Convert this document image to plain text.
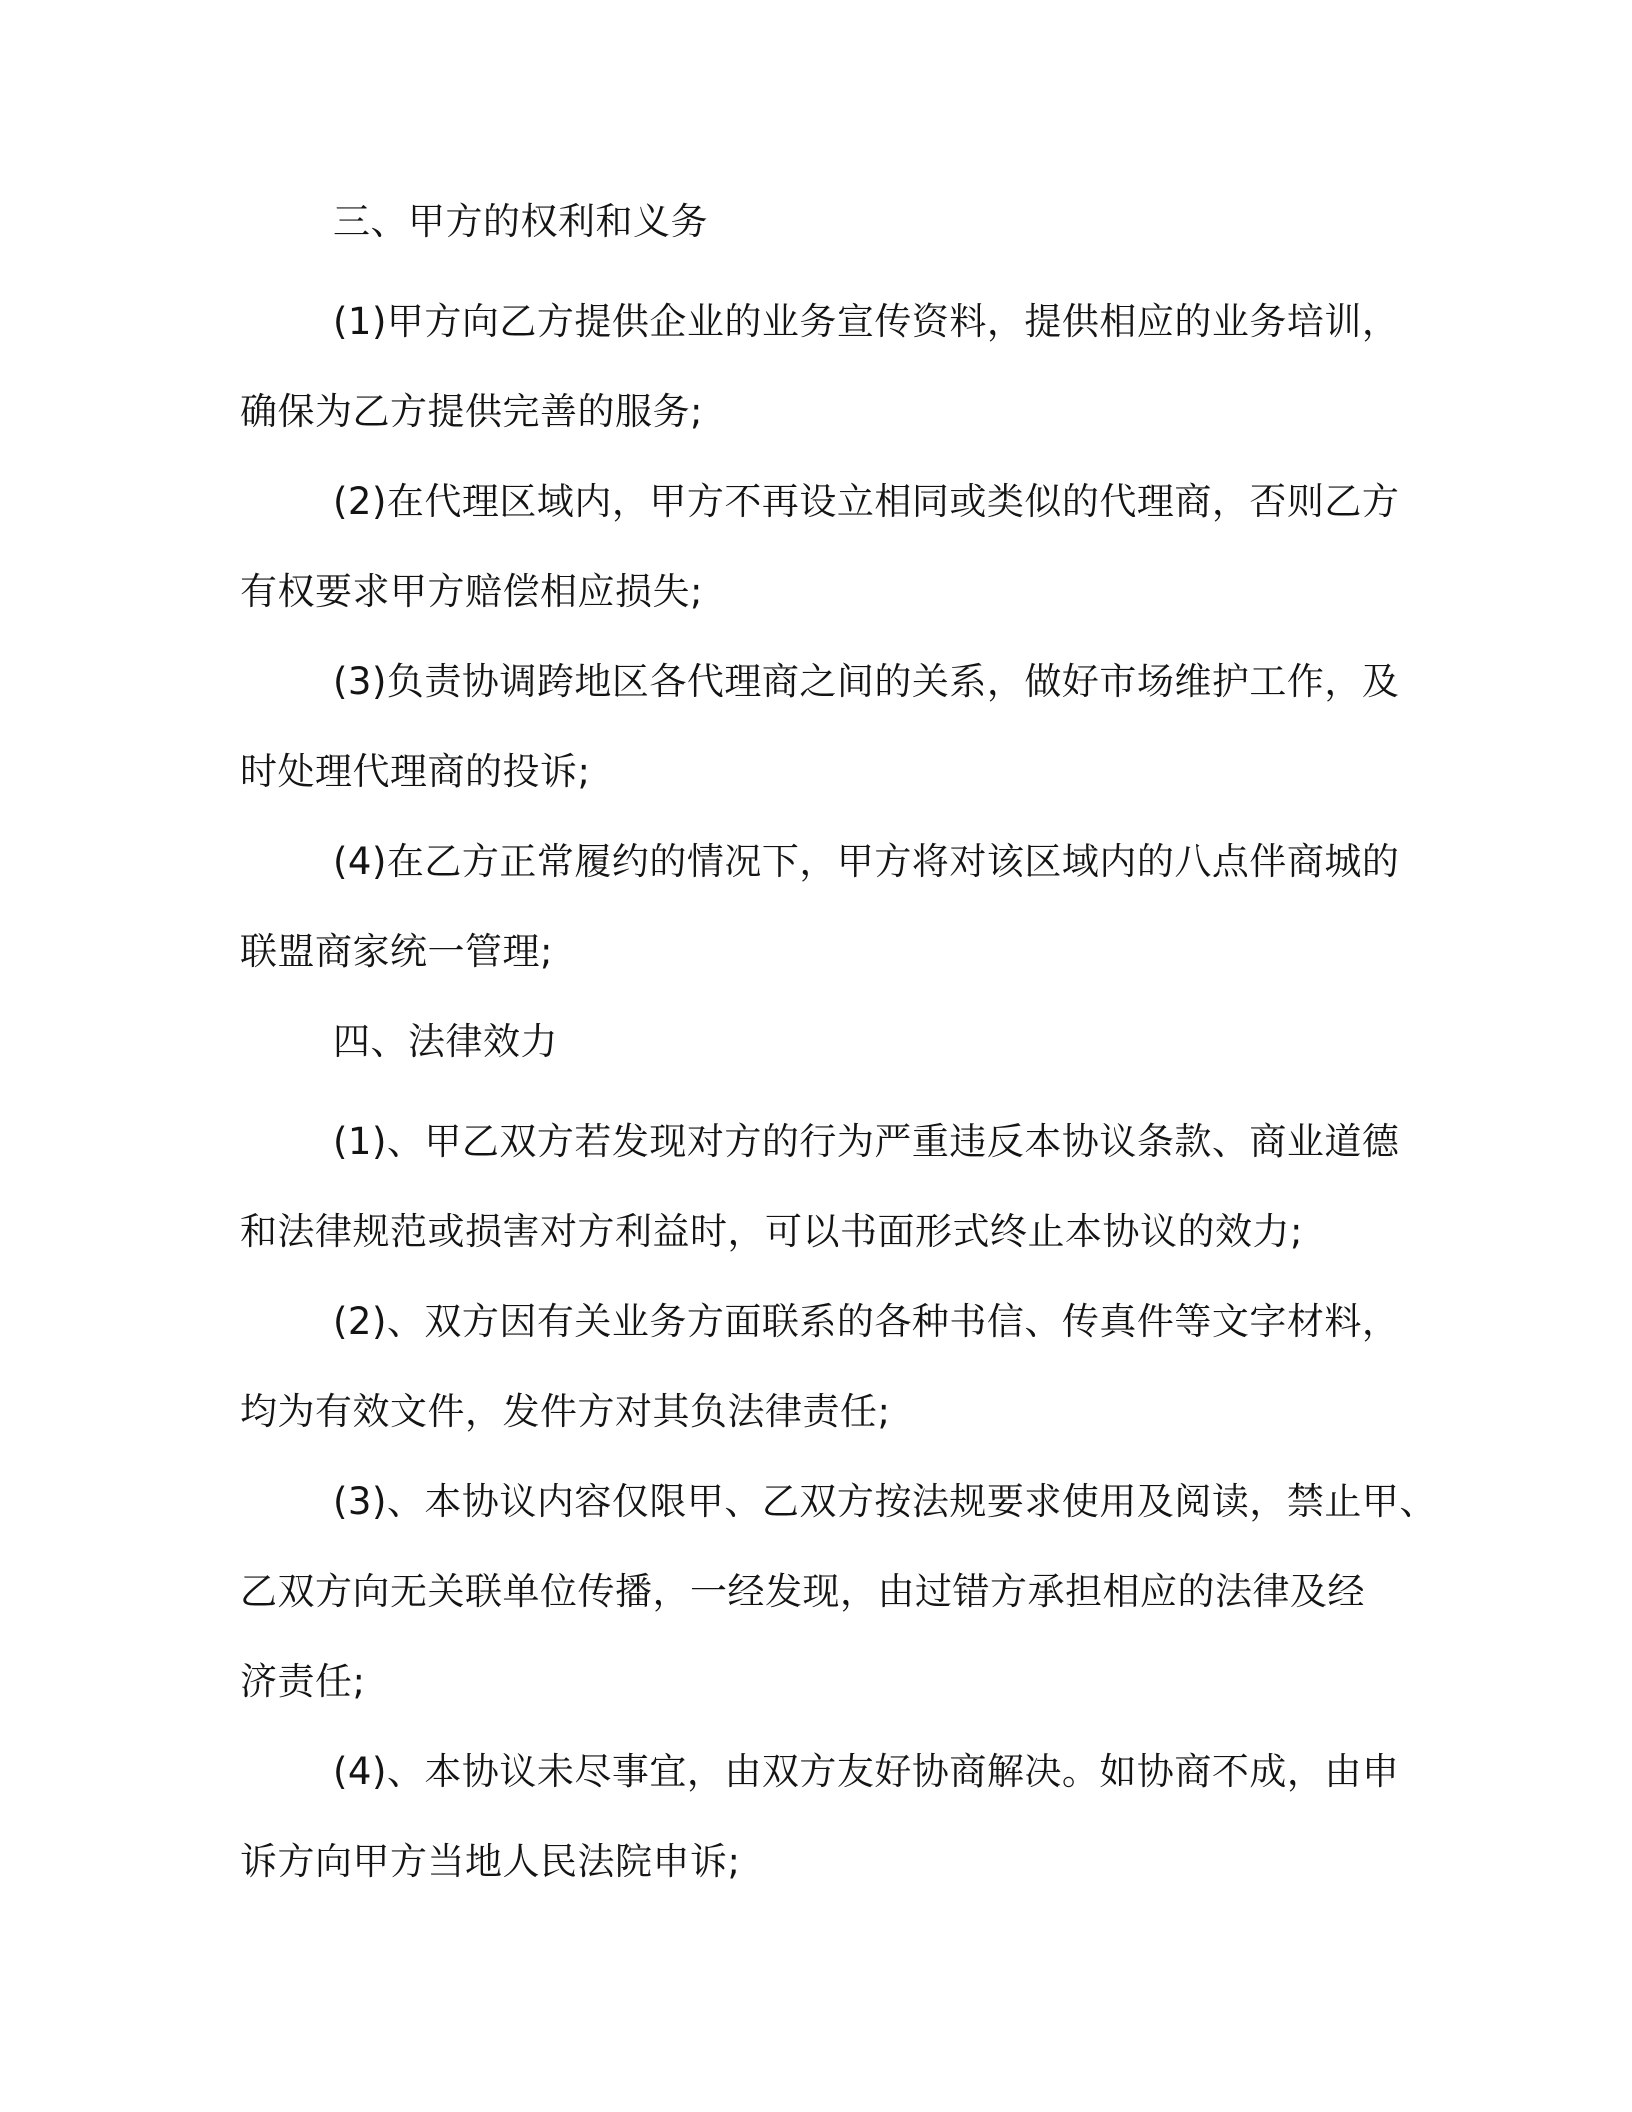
三、甲方的权利和义务

(1)甲方向乙方提供企业的业务宣传资料，提供相应的业务培训，
确保为乙方提供完善的服务;

(2)在代理区域内，甲方不再设立相同或类似的代理商，否则乙方
有权要求甲方赔偿相应损失;

(3)负责协调跨地区各代理商之间的关系，做好市场维护工作，及
时处理代理商的投诉;

(4)在乙方正常履约的情况下，甲方将对该区域内的八点伴商城的
联盟商家统一管理;

四、法律效力

(1)、甲乙双方若发现对方的行为严重违反本协议条款、商业道德
和法律规范或损害对方利益时，可以书面形式终止本协议的效力;

(2)、双方因有关业务方面联系的各种书信、传真件等文字材料，
均为有效文件，发件方对其负法律责任;

(3)、本协议内容仅限甲、乙双方按法规要求使用及阅读，禁止甲、
乙双方向无关联单位传播，一经发现，由过错方承担相应的法律及经
济责任;

(4)、本协议未尽事宜，由双方友好协商解决。如协商不成，由申
诉方向甲方当地人民法院申诉;
